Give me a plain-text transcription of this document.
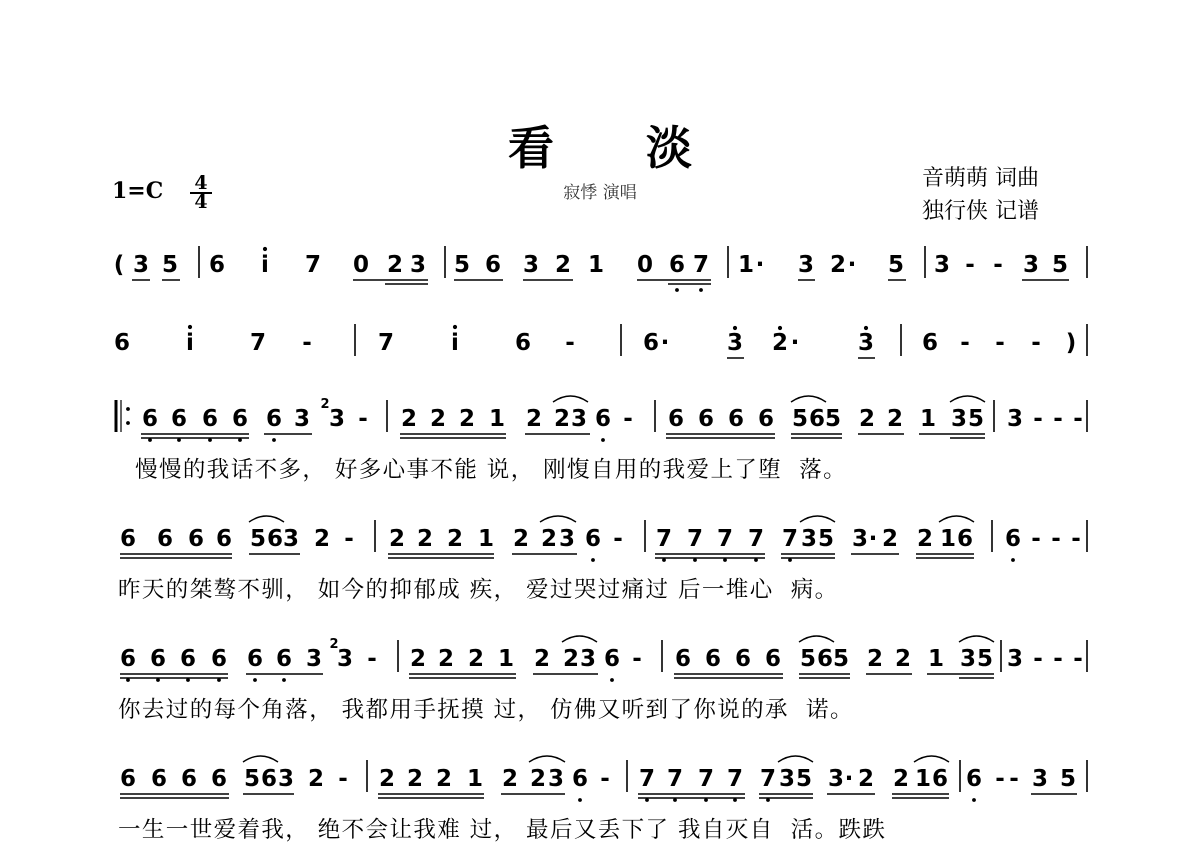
看 淡
寂悸 演唱
1=C 4
4
音萌萌 词曲
独行侠 记谱
( 3 5 6 i 7 0 2 3 5 6 3 2 1 0 6 7 1 · 3 2 · 5 3 - - 3 5
6 i 7 -	7 i 6 -	6 ·	3 2 ·	3 6 - - - )
6 6 6 6 6 3 3 - 2 2 2 1 2 2 3 6 - 6 6 6 6 5 6 5 2 2 1 3 5 3 - - -
2
6 6 6 6 5 6 3 2 - 2 2 2 1 2 2 3 6 - 7 7 7 7 7 3 5 3 · 2 2 1 6 6 - - -
6 6 6 6 6 6 3 3 - 2 2 2 1 2 2 3 6 - 6 6 6 6 5 6 5 2 2 1 3 5 3 - - -
2
6 6 6 6 5 6 3 2 - 2 2 2 1 2 2 3 6 - 7 7 7 7 7 3 5 3 · 2 2 1 6 6 - - 3 5
慢慢的我话不多， 好多心事不能 说， 刚愎自用的我爱上了堕  落。
昨天的桀骜不驯， 如今的抑郁成 疾， 爱过哭过痛过 后一堆心  病。
你去过的每个角落， 我都用手抚摸 过， 仿佛又听到了你说的承  诺。
一生一世爱着我， 绝不会让我难 过， 最后又丢下了 我自灭自  活。跌跌
